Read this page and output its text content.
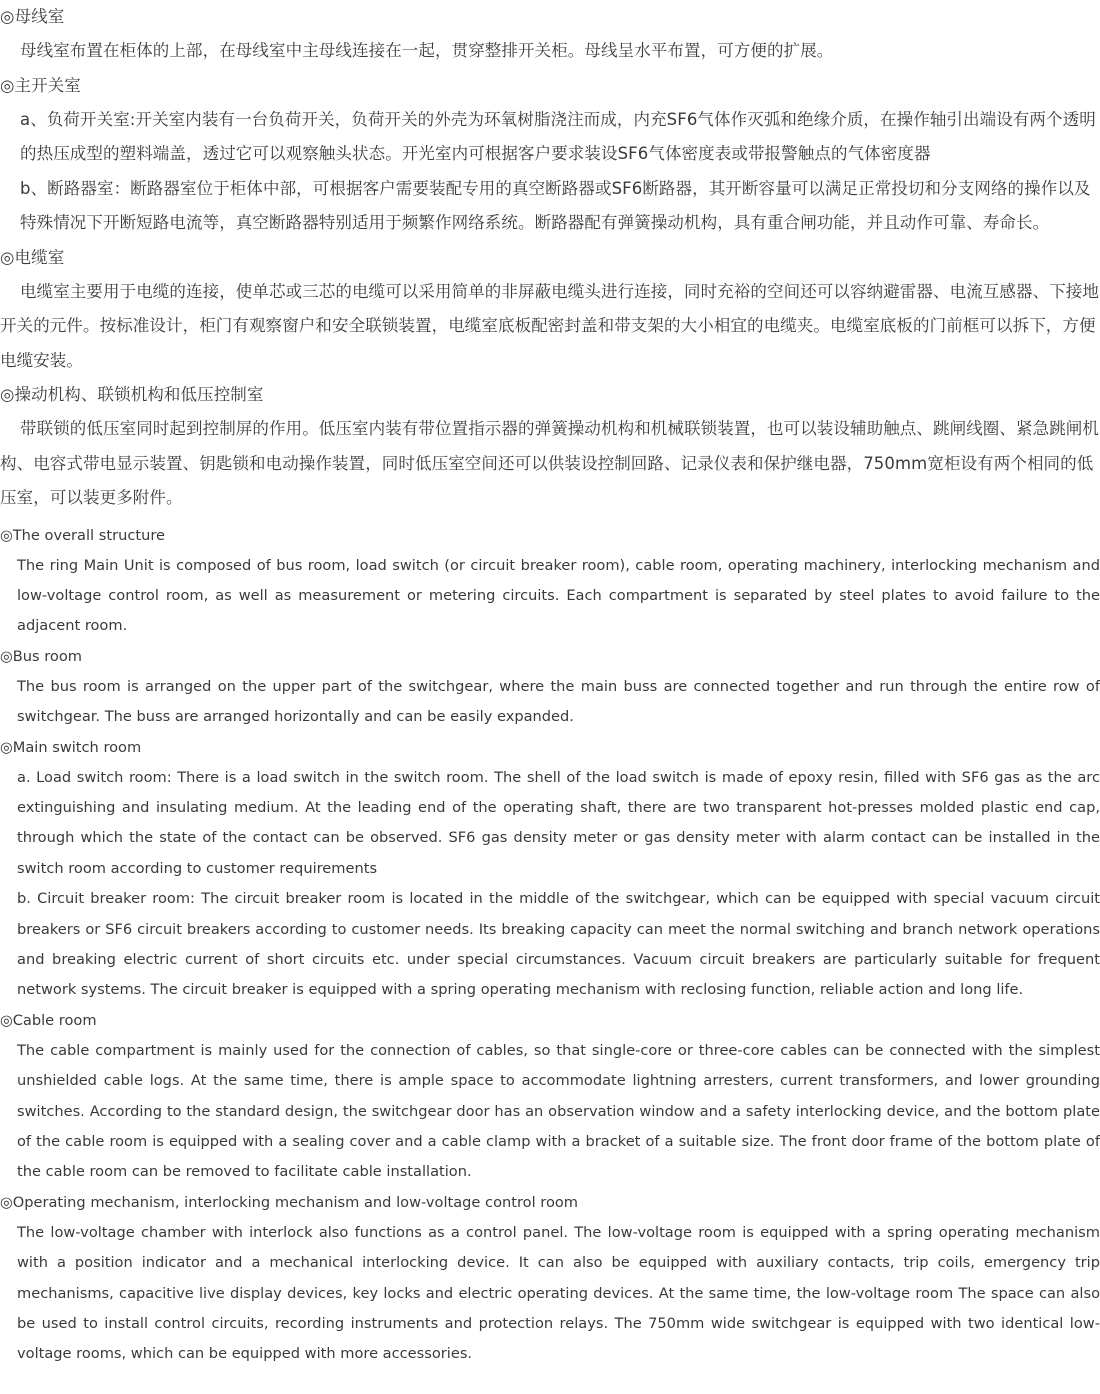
◎母线室

母线室布置在柜体的上部，在母线室中主母线连接在一起，贯穿整排开关柜。母线呈水平布置，可方便的扩展。

◎主开关室

a、负荷开关室:开关室内装有一台负荷开关，负荷开关的外壳为环氧树脂浇注而成，内充SF6气体作灭弧和绝缘介质，在操作轴引出端设有两个透明的热压成型的塑料端盖，透过它可以观察触头状态。开光室内可根据客户要求装设SF6气体密度表或带报警触点的气体密度器

b、断路器室：断路器室位于柜体中部，可根据客户需要装配专用的真空断路器或SF6断路器，其开断容量可以满足正常投切和分支网络的操作以及特殊情况下开断短路电流等，真空断路器特别适用于频繁作网络系统。断路器配有弹簧操动机构，具有重合闸功能，并且动作可靠、寿命长。

◎电缆室

电缆室主要用于电缆的连接，使单芯或三芯的电缆可以采用简单的非屏蔽电缆头进行连接，同时充裕的空间还可以容纳避雷器、电流互感器、下接地开关的元件。按标准设计，柜门有观察窗户和安全联锁装置，电缆室底板配密封盖和带支架的大小相宜的电缆夹。电缆室底板的门前框可以拆下，方便电缆安装。

◎操动机构、联锁机构和低压控制室

带联锁的低压室同时起到控制屏的作用。低压室内装有带位置指示器的弹簧操动机构和机械联锁装置，也可以装设辅助触点、跳闸线圈、紧急跳闸机构、电容式带电显示装置、钥匙锁和电动操作装置，同时低压室空间还可以供装设控制回路、记录仪表和保护继电器，750mm宽柜设有两个相同的低压室，可以装更多附件。

◎The overall structure

The ring Main Unit is composed of bus room, load switch (or circuit breaker room), cable room, operating machinery, interlocking mechanism and low-voltage control room, as well as measurement or metering circuits. Each compartment is separated by steel plates to avoid failure to the adjacent room.

◎Bus room

The bus room is arranged on the upper part of the switchgear, where the main buss are connected together and run through the entire row of switchgear. The buss are arranged horizontally and can be easily expanded.

◎Main switch room

a. Load switch room: There is a load switch in the switch room. The shell of the load switch is made of epoxy resin, filled with SF6 gas as the arc extinguishing and insulating medium. At the leading end of the operating shaft, there are two transparent hot-presses molded plastic end cap, through which the state of the contact can be observed. SF6 gas density meter or gas density meter with alarm contact can be installed in the switch room according to customer requirements

b. Circuit breaker room: The circuit breaker room is located in the middle of the switchgear, which can be equipped with special vacuum circuit breakers or SF6 circuit breakers according to customer needs. Its breaking capacity can meet the normal switching and branch network operations and breaking electric current of short circuits etc. under special circumstances. Vacuum circuit breakers are particularly suitable for frequent network systems. The circuit breaker is equipped with a spring operating mechanism with reclosing function, reliable action and long life.

◎Cable room

The cable compartment is mainly used for the connection of cables, so that single-core or three-core cables can be connected with the simplest unshielded cable logs. At the same time, there is ample space to accommodate lightning arresters, current transformers, and lower grounding switches. According to the standard design, the switchgear door has an observation window and a safety interlocking device, and the bottom plate of the cable room is equipped with a sealing cover and a cable clamp with a bracket of a suitable size. The front door frame of the bottom plate of the cable room can be removed to facilitate cable installation.

◎Operating mechanism, interlocking mechanism and low-voltage control room

The low-voltage chamber with interlock also functions as a control panel. The low-voltage room is equipped with a spring operating mechanism with a position indicator and a mechanical interlocking device. It can also be equipped with auxiliary contacts, trip coils, emergency trip mechanisms, capacitive live display devices, key locks and electric operating devices. At the same time, the low-voltage room The space can also be used to install control circuits, recording instruments and protection relays. The 750mm wide switchgear is equipped with two identical low-voltage rooms, which can be equipped with more accessories.
